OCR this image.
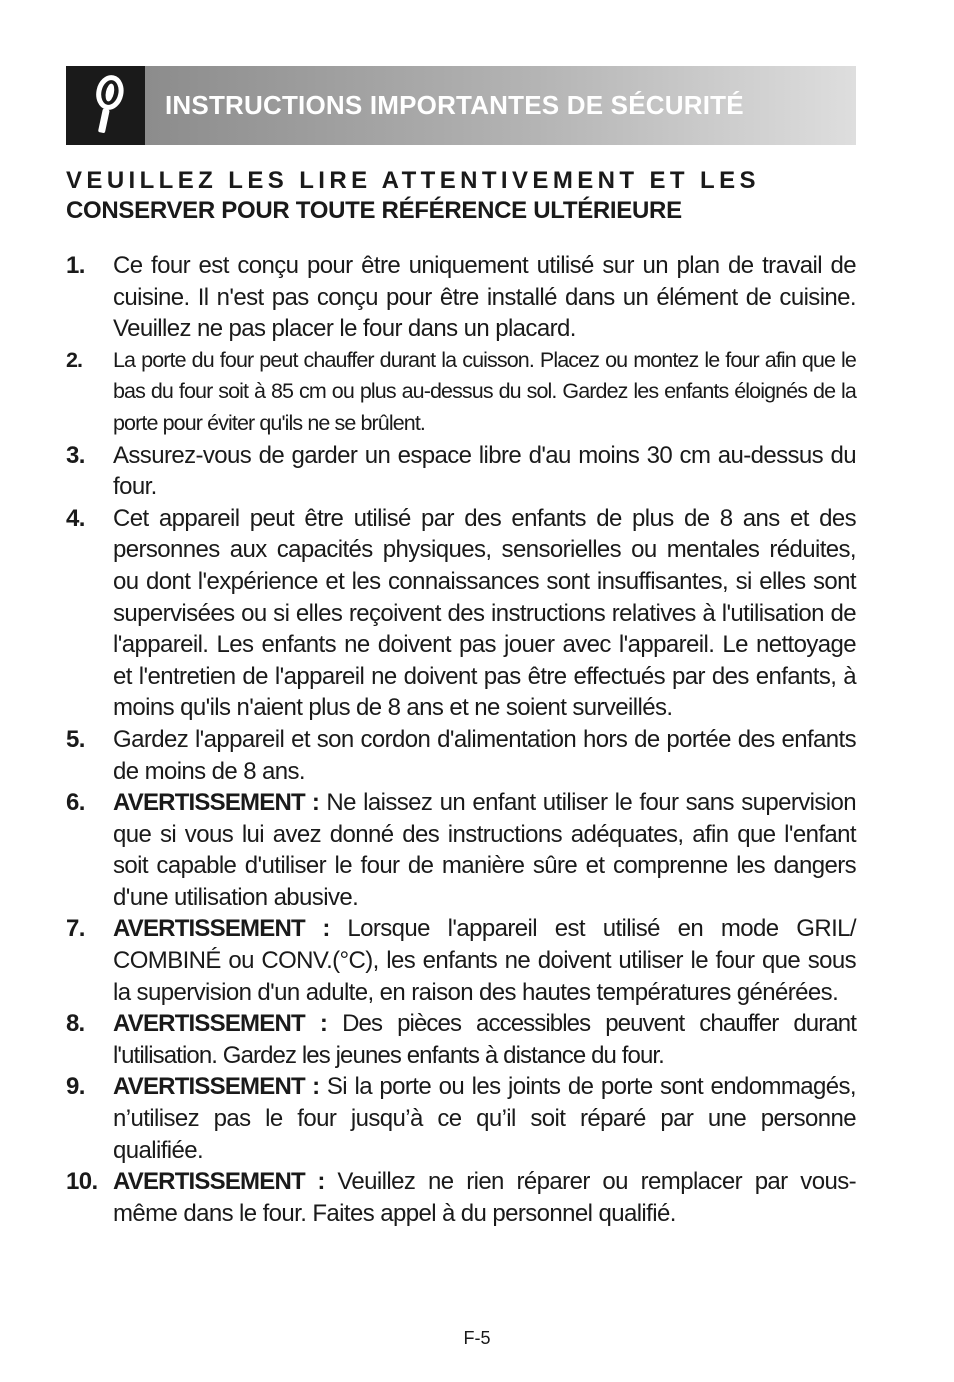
INSTRUCTIONS IMPORTANTES DE SÉCURITÉ
VEUILLEZ LES LIRE ATTENTIVEMENT ET LES
CONSERVER POUR TOUTE RÉFÉRENCE ULTÉRIEURE
1. Ce four est conçu pour être uniquement utilisé sur un plan de travail de cuisine. Il n'est pas conçu pour être installé dans un élément de cuisine. Veuillez ne pas placer le four dans un placard.
2. La porte du four peut chauffer durant la cuisson. Placez ou montez le four afin que le bas du four soit à 85 cm ou plus au-dessus du sol. Gardez les enfants éloignés de la porte pour éviter qu'ils ne se brûlent.
3. Assurez-vous de garder un espace libre d'au moins 30 cm au-dessus du four.
4. Cet appareil peut être utilisé par des enfants de plus de 8 ans et des personnes aux capacités physiques, sensorielles ou mentales réduites, ou dont l'expérience et les connaissances sont insuffisantes, si elles sont supervisées ou si elles reçoivent des instructions relatives à l'utilisation de l'appareil. Les enfants ne doivent pas jouer avec l'appareil. Le nettoyage et l'entretien de l'appareil ne doivent pas être effectués par des enfants, à moins qu'ils n'aient plus de 8 ans et ne soient surveillés.
5. Gardez l'appareil et son cordon d'alimentation hors de portée des enfants de moins de 8 ans.
6. AVERTISSEMENT : Ne laissez un enfant utiliser le four sans supervision que si vous lui avez donné des instructions adéquates, afin que l'enfant soit capable d'utiliser le four de manière sûre et comprenne les dangers d'une utilisation abusive.
7. AVERTISSEMENT : Lorsque l'appareil est utilisé en mode GRIL/ COMBINÉ ou CONV.(°C), les enfants ne doivent utiliser le four que sous la supervision d'un adulte, en raison des hautes températures générées.
8. AVERTISSEMENT : Des pièces accessibles peuvent chauffer durant l'utilisation. Gardez les jeunes enfants à distance du four.
9. AVERTISSEMENT : Si la porte ou les joints de porte sont endommagés, n’utilisez pas le four jusqu’à ce qu’il soit réparé par une personne qualifiée.
10. AVERTISSEMENT : Veuillez ne rien réparer ou remplacer par vous-même dans le four. Faites appel à du personnel qualifié.
F-5
